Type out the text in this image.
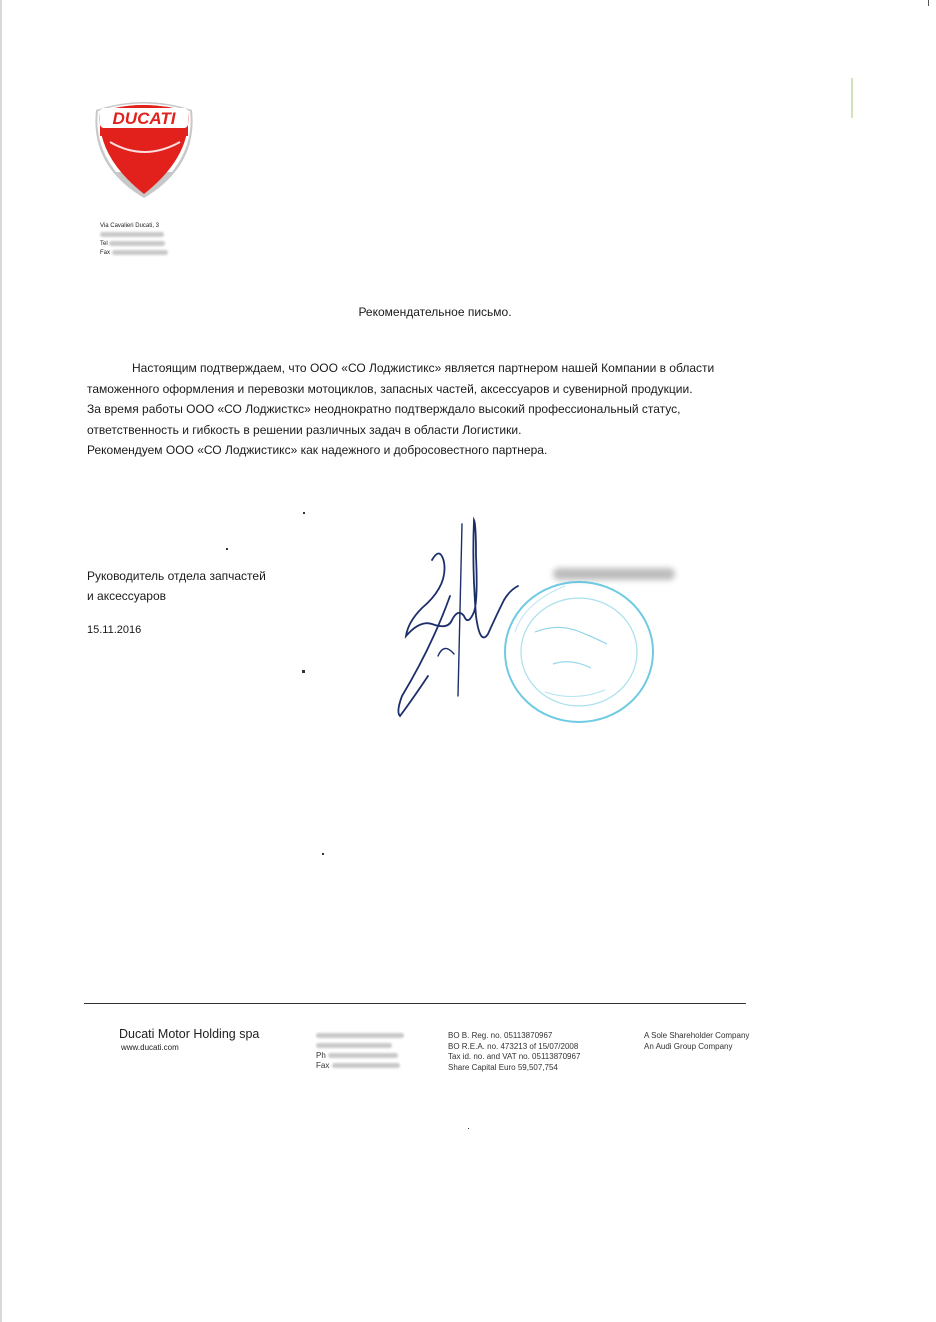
DUCATI
Via Cavalieri Ducati, 3
Tel
Fax
Рекомендательное письмо.
Настоящим подтверждаем, что ООО «СО Лоджистикс» является партнером нашей Компании в области
таможенного оформления и перевозки мотоциклов, запасных частей, аксессуаров и сувенирной продукции.
За время работы ООО «СО Лоджисткс» неоднократно подтверждало высокий профессиональный статус,
ответственность и гибкость в решении различных задач в области Логистики.
Рекомендуем ООО «СО Лоджистикс» как надежного и добросовестного партнера.
Руководитель отдела запчастей
и аксессуаров
15.11.2016
Ducati Motor Holding spa
www.ducati.com
Ph
Fax
BO B. Reg. no. 05113870967
BO R.E.A. no. 473213 of 15/07/2008
Tax id. no. and VAT no. 05113870967
Share Capital Euro 59,507,754
A Sole Shareholder Company
An Audi Group Company
